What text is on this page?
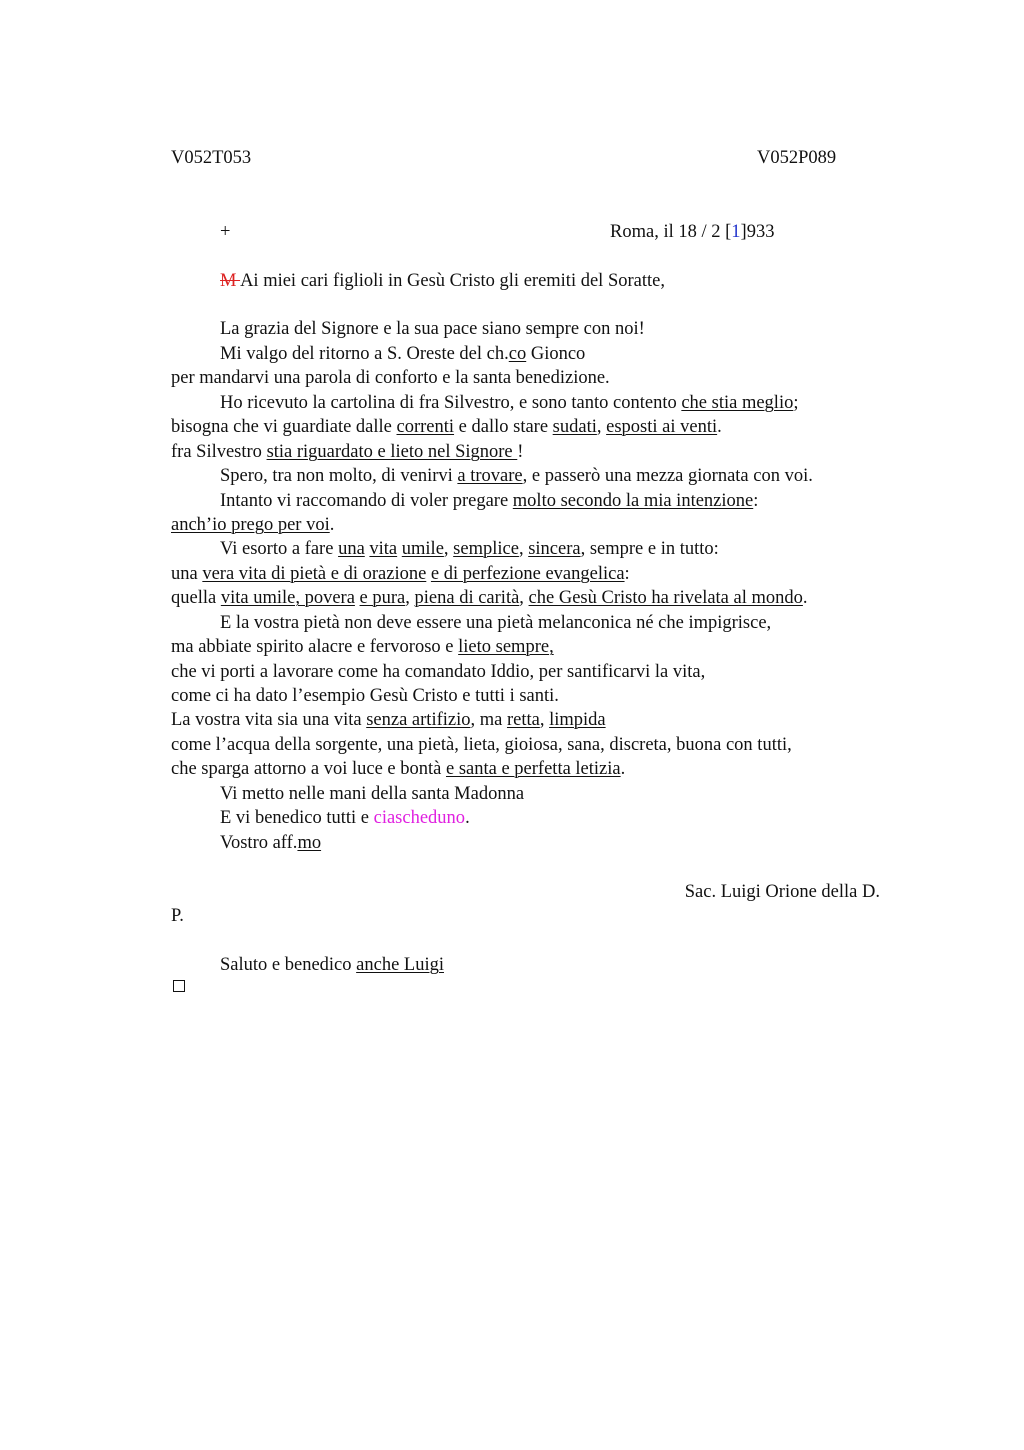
V052T053	V052P089
+	Roma, il 18 / 2 [1]933
M Ai miei cari figlioli in Gesù Cristo gli eremiti del Soratte,
La grazia del Signore e la sua pace siano sempre con noi!
Mi valgo del ritorno a S. Oreste del ch.co Gionco
per mandarvi una parola di conforto e la santa benedizione.
Ho ricevuto la cartolina di fra Silvestro, e sono tanto contento che stia meglio;
bisogna che vi guardiate dalle correnti e dallo stare sudati, esposti ai venti.
fra Silvestro stia riguardato e lieto nel Signore !
Spero, tra non molto, di venirvi a trovare, e passerò una mezza giornata con voi.
Intanto vi raccomando di voler pregare molto secondo la mia intenzione:
anch’io prego per voi.
Vi esorto a fare una vita umile, semplice, sincera, sempre e in tutto:
una vera vita di pietà e di orazione e di perfezione evangelica:
quella vita umile, povera e pura, piena di carità, che Gesù Cristo ha rivelata al mondo.
E la vostra pietà non deve essere una pietà melanconica né che impigrisce,
ma abbiate spirito alacre e fervoroso e lieto sempre,
che vi porti a lavorare come ha comandato Iddio, per santificarvi la vita,
come ci ha dato l’esempio Gesù Cristo e tutti i santi.
La vostra vita sia una vita senza artifizio, ma retta, limpida
come l’acqua della sorgente, una pietà, lieta, gioiosa, sana, discreta, buona con tutti,
che sparga attorno a voi luce e bontà e santa e perfetta letizia.
Vi metto nelle mani della santa Madonna
E vi benedico tutti e ciascheduno.
Vostro aff.mo
Sac. Luigi Orione della D.
P.
Saluto e benedico anche Luigi
